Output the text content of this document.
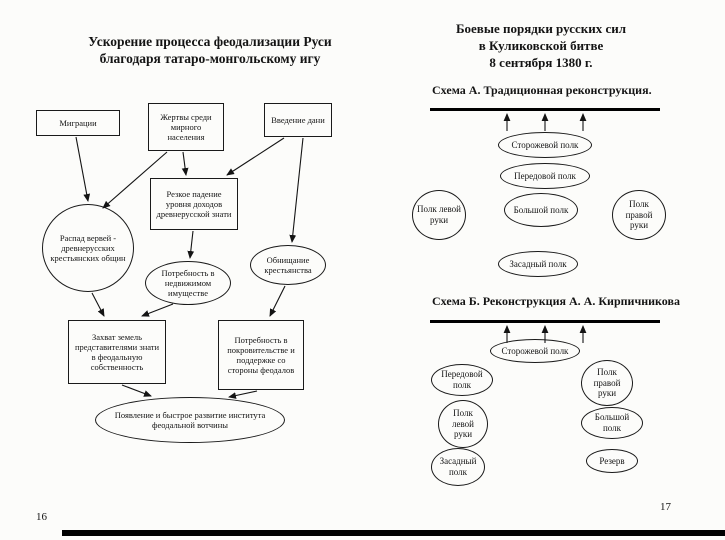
Ускорение процесса феодализации Руси
благодаря татаро-монгольскому игу
Миграции
Жертвы среди мирного населения
Введение дани
Резкое падение уровня доходов древнерусской знати
Распад вервей - древнерусских крестьянских общин
Потребность в недвижимом имуществе
Обнищание крестьянства
Захват земель представителями знати в феодальную собственность
Потребность в покровительстве и поддержке со стороны феодалов
Появление и быстрое развитие института феодальной вотчины
16
Боевые порядки русских сил
в Куликовской битве
8 сентября 1380 г.
Схема А. Традиционная реконструкция.
Сторожевой полк
Передовой полк
Полк левой руки
Большой полк
Полк правой руки
Засадный полк
Схема Б. Реконструкция А. А. Кирпичникова
Сторожевой полк
Передовой полк
Полк правой руки
Полк левой руки
Большой полк
Засадный полк
Резерв
17
